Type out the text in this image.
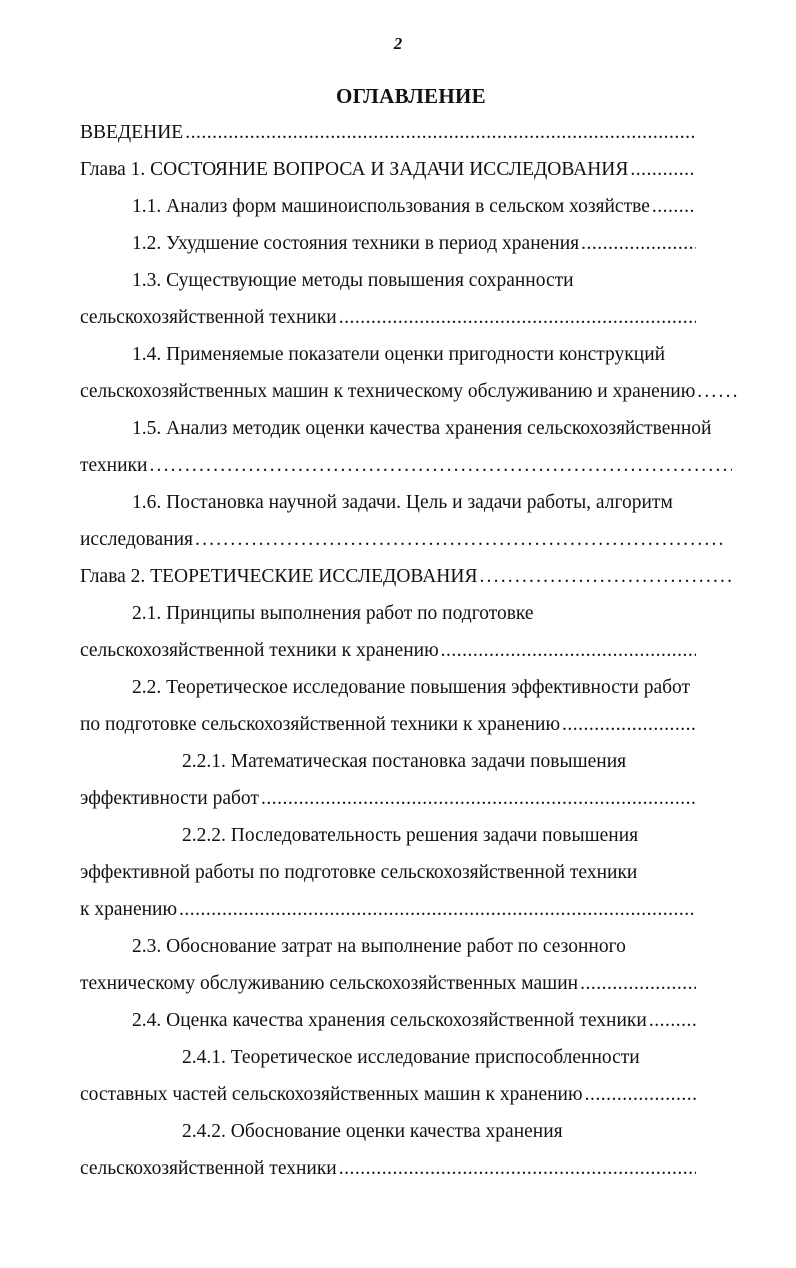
2
ОГЛАВЛЕНИЕ
ВВЕДЕНИЕ
.....
Глава 1. СОСТОЯНИЕ ВОПРОСА И ЗАДАЧИ ИССЛЕДОВАНИЯ
.....
1.1. Анализ форм машиноиспользования в сельском хозяйстве
.....
1.2. Ухудшение состояния техники в период хранения
.....
1.3. Существующие методы повышения сохранности
сельскохозяйственной техники
.....
1.4. Применяемые показатели оценки пригодности конструкций
сельскохозяйственных машин к техническому обслуживанию и хранению
.....
1.5. Анализ методик оценки качества хранения сельскохозяйственной
техники
.....
1.6. Постановка научной задачи. Цель и задачи работы, алгоритм
исследования
.....
Глава 2. ТЕОРЕТИЧЕСКИЕ ИССЛЕДОВАНИЯ
.....
2.1. Принципы выполнения работ по подготовке
сельскохозяйственной техники к хранению
.....
2.2. Теоретическое исследование повышения эффективности работ
по подготовке сельскохозяйственной техники к хранению
.....
2.2.1. Математическая постановка задачи повышения
эффективности работ
.....
2.2.2. Последовательность решения задачи повышения
эффективной работы по подготовке сельскохозяйственной техники
к хранению
.....
2.3. Обоснование затрат на выполнение работ по сезонного
техническому обслуживанию сельскохозяйственных машин
.....
2.4. Оценка качества хранения сельскохозяйственной техники
.....
2.4.1. Теоретическое исследование приспособленности
составных частей сельскохозяйственных машин к хранению
.....
2.4.2. Обоснование оценки качества хранения
сельскохозяйственной техники
.....
